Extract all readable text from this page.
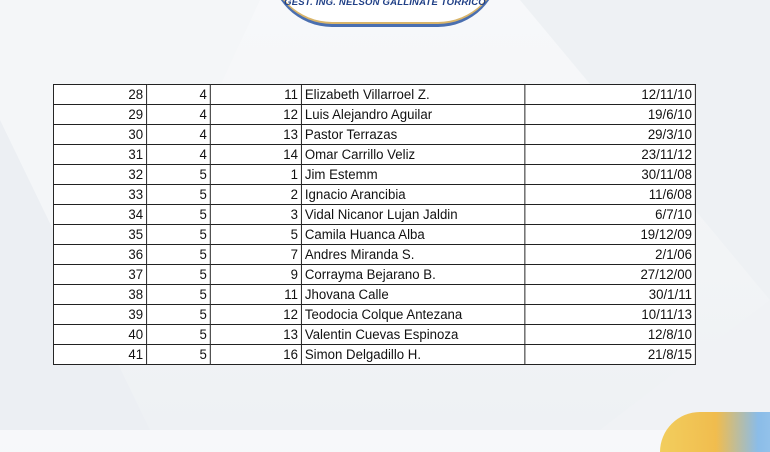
GEST. ING. NELSON GALLINATE TORRICO
28	4	11	Elizabeth Villarroel Z.	12/11/10
29	4	12	Luis Alejandro Aguilar	19/6/10
30	4	13	Pastor Terrazas	29/3/10
31	4	14	Omar Carrillo Veliz	23/11/12
32	5	1	Jim Estemm	30/11/08
33	5	2	Ignacio Arancibia	11/6/08
34	5	3	Vidal Nicanor Lujan Jaldin	6/7/10
35	5	5	Camila Huanca Alba	19/12/09
36	5	7	Andres Miranda S.	2/1/06
37	5	9	Corrayma Bejarano B.	27/12/00
38	5	11	Jhovana Calle	30/1/11
39	5	12	Teodocia Colque Antezana	10/11/13
40	5	13	Valentin Cuevas Espinoza	12/8/10
41	5	16	Simon Delgadillo H.	21/8/15
